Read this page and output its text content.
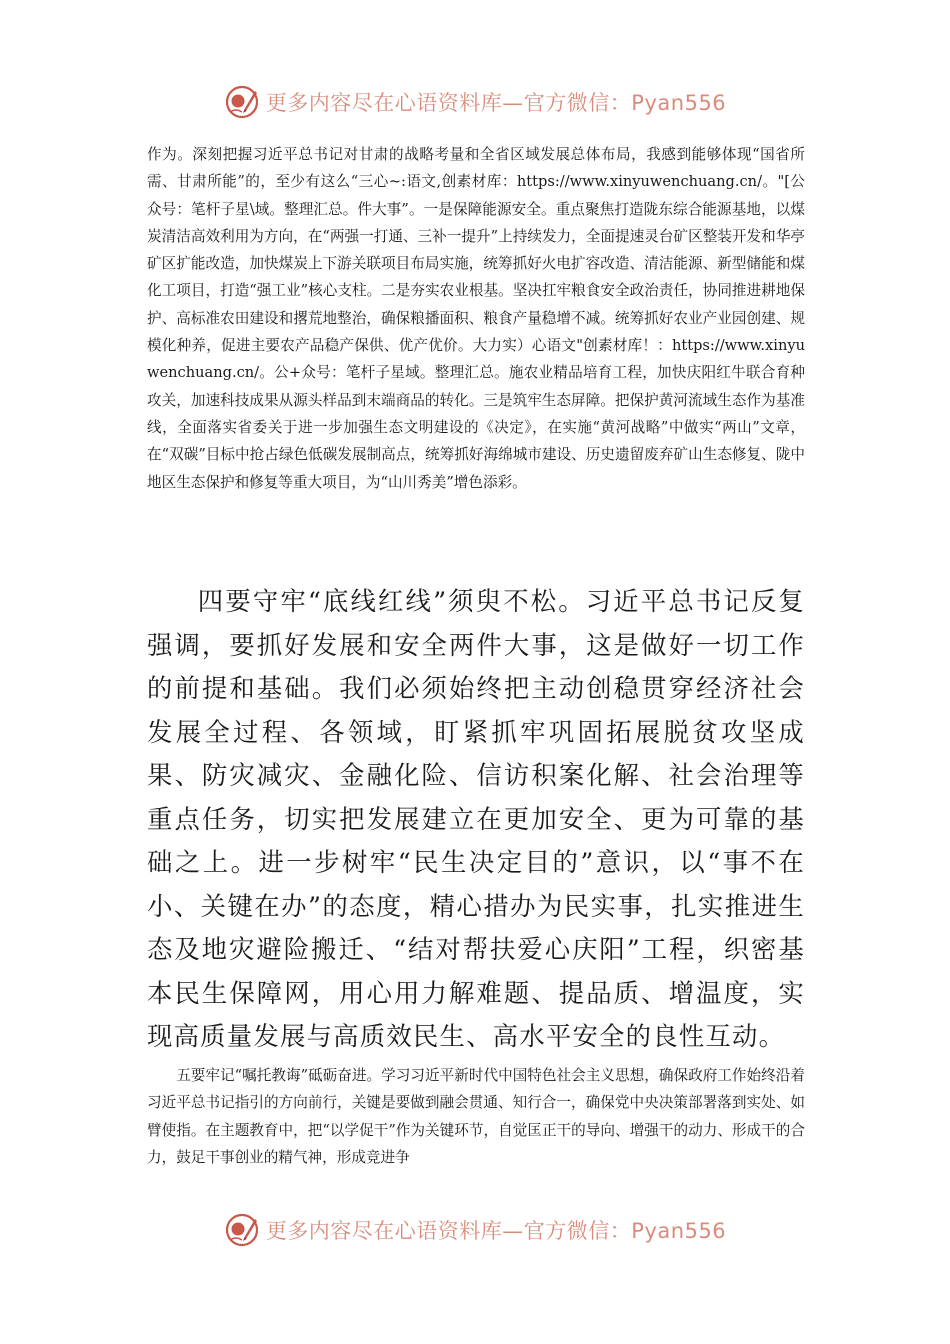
更多内容尽在心语资料库—官方微信：Pyan556

作为。深刻把握习近平总书记对甘肃的战略考量和全省区域发展总体布局，我感到能够体现“国省所需、甘肃所能”的，至少有这么“三心~:语文,创素材库：https://www.xinyuwenchuang.cn/。"[公众号：笔杆子星\域。整理汇总。件大事”。一是保障能源安全。重点聚焦打造陇东综合能源基地，以煤炭清洁高效利用为方向，在“两强一打通、三补一提升”上持续发力，全面提速灵台矿区整装开发和华亭矿区扩能改造，加快煤炭上下游关联项目布局实施，统筹抓好火电扩容改造、清洁能源、新型储能和煤化工项目，打造“强工业”核心支柱。二是夯实农业根基。坚决扛牢粮食安全政治责任，协同推进耕地保护、高标准农田建设和撂荒地整治，确保粮播面积、粮食产量稳增不减。统筹抓好农业产业园创建、规模化种养，促进主要农产品稳产保供、优产优价。大力实）心语文"创素材库！：https://www.xinyuwenchuang.cn/。公+众号：笔杆子星域。整理汇总。施农业精品培育工程，加快庆阳红牛联合育种攻关，加速科技成果从源头样品到末端商品的转化。三是筑牢生态屏障。把保护黄河流域生态作为基准线，全面落实省委关于进一步加强生态文明建设的《决定》，在实施“黄河战略”中做实“两山”文章，在“双碳”目标中抢占绿色低碳发展制高点，统筹抓好海绵城市建设、历史遗留废弃矿山生态修复、陇中地区生态保护和修复等重大项目，为“山川秀美”增色添彩。

四要守牢“底线红线”须臾不松。习近平总书记反复强调，要抓好发展和安全两件大事，这是做好一切工作的前提和基础。我们必须始终把主动创稳贯穿经济社会发展全过程、各领域，盯紧抓牢巩固拓展脱贫攻坚成果、防灾减灾、金融化险、信访积案化解、社会治理等重点任务，切实把发展建立在更加安全、更为可靠的基础之上。进一步树牢“民生决定目的”意识，以“事不在小、关键在办”的态度，精心措办为民实事，扎实推进生态及地灾避险搬迁、“结对帮扶爱心庆阳”工程，织密基本民生保障网，用心用力解难题、提品质、增温度，实现高质量发展与高质效民生、高水平安全的良性互动。

五要牢记“嘱托教诲”砥砺奋进。学习习近平新时代中国特色社会主义思想，确保政府工作始终沿着习近平总书记指引的方向前行，关键是要做到融会贯通、知行合一，确保党中央决策部署落到实处、如臂使指。在主题教育中，把“以学促干”作为关键环节，自觉匡正干的导向、增强干的动力、形成干的合力，鼓足干事创业的精气神，形成竞进争

更多内容尽在心语资料库—官方微信：Pyan556
